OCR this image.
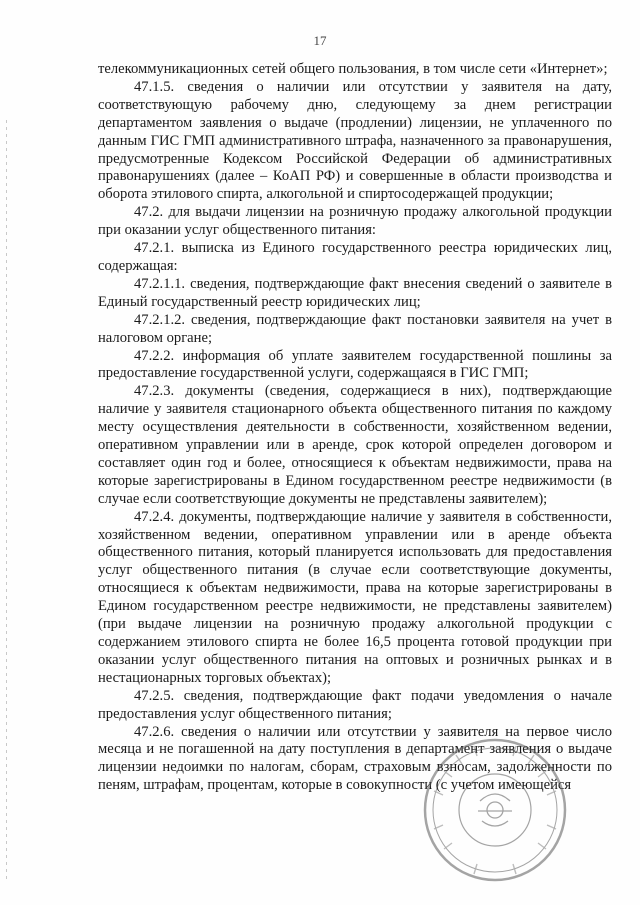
17

телекоммуникационных сетей общего пользования, в том числе сети «Интернет»;

47.1.5. сведения о наличии или отсутствии у заявителя на дату, соответствующую рабочему дню, следующему за днем регистрации департаментом заявления о выдаче (продлении) лицензии, не уплаченного по данным ГИС ГМП административного штрафа, назначенного за правонарушения, предусмотренные Кодексом Российской Федерации об административных правонарушениях (далее – КоАП РФ) и совершенные в области производства и оборота этилового спирта, алкогольной и спиртосодержащей продукции;

47.2. для выдачи лицензии на розничную продажу алкогольной продукции при оказании услуг общественного питания:

47.2.1. выписка из Единого государственного реестра юридических лиц, содержащая:

47.2.1.1. сведения, подтверждающие факт внесения сведений о заявителе в Единый государственный реестр юридических лиц;

47.2.1.2. сведения, подтверждающие факт постановки заявителя на учет в налоговом органе;

47.2.2. информация об уплате заявителем государственной пошлины за предоставление государственной услуги, содержащаяся в ГИС ГМП;

47.2.3. документы (сведения, содержащиеся в них), подтверждающие наличие у заявителя стационарного объекта общественного питания по каждому месту осуществления деятельности в собственности, хозяйственном ведении, оперативном управлении или в аренде, срок которой определен договором и составляет один год и более, относящиеся к объектам недвижимости, права на которые зарегистрированы в Едином государственном реестре недвижимости (в случае если соответствующие документы не представлены заявителем);

47.2.4. документы, подтверждающие наличие у заявителя в собственности, хозяйственном ведении, оперативном управлении или в аренде объекта общественного питания, который планируется использовать для предоставления услуг общественного питания (в случае если соответствующие документы, относящиеся к объектам недвижимости, права на которые зарегистрированы в Едином государственном реестре недвижимости, не представлены заявителем) (при выдаче лицензии на розничную продажу алкогольной продукции с содержанием этилового спирта не более 16,5 процента готовой продукции при оказании услуг общественного питания на оптовых и розничных рынках и в нестационарных торговых объектах);

47.2.5. сведения, подтверждающие факт подачи уведомления о начале предоставления услуг общественного питания;

47.2.6. сведения о наличии или отсутствии у заявителя на первое число месяца и не погашенной на дату поступления в департамент заявления о выдаче лицензии недоимки по налогам, сборам, страховым взносам, задолженности по пеням, штрафам, процентам, которые в совокупности (с учетом имеющейся
